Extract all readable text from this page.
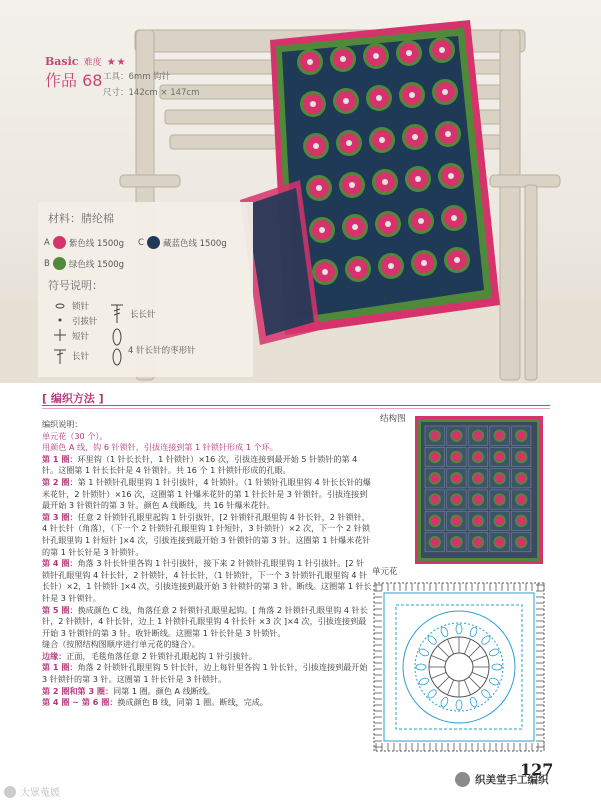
Basic 难度 ★★
作品 68 工具：6mm 钩针
尺寸：142cm × 147cm
材料：腈纶棉
A 紫色线 1500g C 藏蓝色线 1500g
B 绿色线 1500g
符号说明：
锁针
引拔针
短针
长针
长长针
4 针长针的枣形针
[ 编织方法 ]

编织说明：

单元花（30 个）。

用颜色 A 线，钩 6 针锁针，引拔连接到第 1 针锁针形成 1 个环。

第 1 圈：环里钩（1 针长长针，1 针锁针）×16 次，引拔连接到最开始 5 针锁针的第 4 针。这圈第 1 针长长针是 4 针锁针。共 16 个 1 针锁针形成的孔眼。

第 2 圈：第 1 针锁针孔眼里钩 1 针引拔针，4 针锁针。（1 针锁针孔眼里钩 4 针长长针的爆米花针，2 针锁针）×16 次，这圈第 1 针爆米花针的第 1 针长针是 3 针锁针。引拔连接到最开始 3 针锁针的第 3 针。颜色 A 线断线，共 16 针爆米花针。

第 3 圈：任意 2 针锁针孔眼里起钩 1 针引拔针，[2 针锁针孔眼里钩 4 针长针，2 针锁针，4 针长针（角落），（下一个 2 针锁针孔眼里钩 1 针短针，3 针锁针）×2 次，下一个 2 针锁针孔眼里钩 1 针短针 ]×4 次，引拔连接到最开始 3 针锁针的第 3 针。这圈第 1 针爆米花针的第 1 针长针是 3 针锁针。

第 4 圈：角落 3 针长针里各钩 1 针引拔针，接下来 2 针锁针孔眼里钩 1 针引拔针。[2 针锁针孔眼里钩 4 针长针，2 针锁针，4 针长针，（1 针锁针，下一个 3 针锁针孔眼里钩 4 针长针）×2，1 针锁针 ]×4 次，引拔连接到最开始 3 针锁针的第 3 针。断线。这圈第 1 针长针是 3 针锁针。

第 5 圈：换成颜色 C 线，角落任意 2 针锁针孔眼里起钩。[ 角落 2 针锁针孔眼里钩 4 针长针，2 针锁针，4 针长针，边上 1 针锁针孔眼里钩 4 针长针 ×3 次 ]×4 次，引拔连接到最开始 3 针锁针的第 3 针。收针断线。这圈第 1 针长针是 3 针锁针。

缝合（按照结构图顺序进行单元花的缝合）。

边缘：正面，毛毯角落任意 2 针锁针孔眼起钩 1 针引拔针。

第 1 圈：角落 2 针锁针孔眼里钩 5 针长针，边上每针里各钩 1 针长针，引拔连接到最开始 3 针锁针的第 3 针。这圈第 1 针长针是 3 针锁针。

第 2 圈和第 3 圈：同第 1 圈。颜色 A 线断线。

第 4 圈 ~ 第 6 圈：换成颜色 B 线，同第 1 圈。断线，完成。

结构图
单元花
127
大眾蒐媛
织美堂手工编织
